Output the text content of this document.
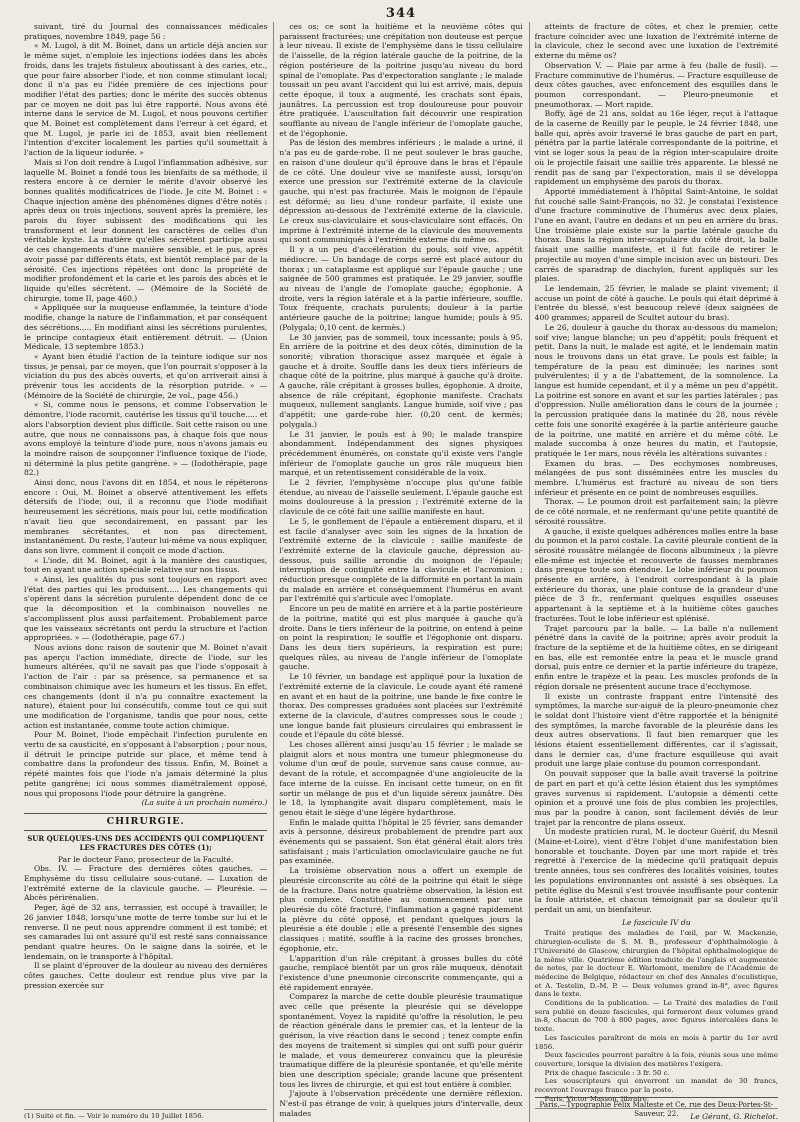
344

suivant, tiré du Journal des connaissances médicales pratiques, novembre 1849, page 56 :

« M. Lugol, à dit M. Boinet, dans un article déjà ancien sur le même sujet, n'emploie les injections iodées dans les abcès froids, dans les trajets fistuleux aboutissant à des caries, etc., que pour faire absorber l'iode, et non comme stimulant local; donc il n'a pas eu l'idée première de ces injections pour modifier l'état des parties; donc le mérite des succès obtenus par ce moyen ne doit pas lui être rapporté. Nous avons été interne dans le service de M. Lugol, et nous pouvons certifier que M. Boinet est complètement dans l'erreur à cet égard, et que M. Lugol, je parle ici de 1853, avait bien réellement l'intention d'exciter localement les parties qu'il soumettait à l'action de la liqueur iodurée. »

Mais si l'on doit rendre à Lugol l'inflammation adhésive, sur laquelle M. Boinet a fondé tous les bienfaits de sa méthode, il restera encore à ce dernier le mérite d'avoir observé les bonnes qualités modificatrices de l'iode. Je cite M. Boinet : « Chaque injection amène des phénomènes dignes d'être notés : après deux ou trois injections, souvent après la première, les parois du foyer subissent des modifications qui les transforment et leur donnent les caractères de celles d'un véritable kyste. La matière qu'elles sécrètent participe aussi de ces changements d'une manière sensible, et le pus, après avoir passé par différents états, est bientôt remplacé par de la sérosité. Ces injections répétées ont donc la propriété de modifier profondément et la carie et les parois des abcès et le liquide qu'elles sécrètent. — (Mémoire de la Société de chirurgie, tome II, page 460.)

« Appliquée sur la muqueuse enflammée, la teinture d'iode modifie, change la nature de l'inflammation, et par conséquent des sécrétions..... En modifiant ainsi les sécrétions purulentes, le principe contagieux était entièrement détruit. — (Union Médicale, 13 septembre 1853.)

« Ayant bien étudié l'action de la teinture iodique sur nos tissus, je pensai, par ce moyen, que l'on pourrait s'opposer à la viciation du pus des abcès ouverts, et qu'on arriverait ainsi à prévenir tous les accidents de la résorption putride. » — (Mémoire de la Société de chirurgie, 2e vol., page 456.)

« Si, comme nous le pensons, et comme l'observation le démontre, l'iode racornit, cautérise les tissus qu'il touche..... et alors l'absorption devient plus difficile. Soit cette raison ou une autre, que nous ne connaissons pas, à chaque fois que nous avons employé la teinture d'iode pure, nous n'avons jamais eu la moindre raison de soupçonner l'influence toxique de l'iode, ni déterminé la plus petite gangrène. » — (Iodothérapie, page 82.)

Ainsi donc, nous l'avons dit en 1854, et nous le répéterons encore : Oui, M. Boinet a observé attentivement les effets détersifs de l'iode; oui, il a reconnu que l'iode modifiait heureusement les sécrétions, mais pour lui, cette modification n'avait lieu que secondairement, en passant par les membranes sécrétantes, et non pas directement, instantanément. Du reste, l'auteur lui-même va nous expliquer, dans son livre, comment il conçoit ce mode d'action.

« L'iode, dit M. Boinet, agit à la manière des caustiques, tout en ayant une action spéciale relative sur nos tissus.

« Ainsi, les qualités du pus sont toujours en rapport avec l'état des parties qui les produisent..... Les changements qui s'opèrent dans la sécrétion purulente dépendent donc de ce que la décomposition et la combinaison nouvelles ne s'accomplissent plus aussi parfaitement. Probablement parce que les vaisseaux sécrétants ont perdu la structure et l'action appropriées. » — (Iodothérapie, page 67.)

Nous avions donc raison de soutenir que M. Boinet n'avait pas aperçu l'action immédiate, directe de l'iode, sur les humeurs altérées, qu'il ne savait pas que l'iode s'opposait à l'action de l'air : par sa présence, sa permanence et sa combinaison chimique avec les humeurs et les tissus. En effet, ces changements (dont il n'a pu connaître exactement la nature), étaient pour lui consécutifs, comme tout ce qui suit une modification de l'organisme, tandis que pour nous, cette action est instantanée, comme toute action chimique.

Pour M. Boinet, l'iode empêchait l'infection purulente en vertu de sa causticité, en s'opposant à l'absorption ; pour nous, il détruit le principe putride sur place, et même tend à combattre dans la profondeur des tissus. Enfin, M. Boinet a répété maintes fois que l'iode n'a jamais déterminé la plus petite gangrène; ici nous sommes diamétralement opposé, nous qui proposons l'iode pour détruire la gangrène.

(La suite à un prochain numéro.)

CHIRURGIE.
SUR QUELQUES-UNS DES ACCIDENTS QUI COMPLIQUENT LES FRACTURES DES CÔTES (1);

Par le docteur Fano, prosecteur de la Faculté.

Obs. IV. — Fracture des dernières côtes gauches. — Emphysème du tissu cellulaire sous-cutané. — Luxation de l'extrémité externe de la clavicule gauche. — Pleurésie. — Abcès périrénalien.

Peger, âgé de 32 ans, terrassier, est occupé à travailler, le 26 janvier 1848, lorsqu'une motte de terre tombe sur lui et le renverse. Il ne peut nous apprendre comment il est tombé; et ses camarades lui ont assuré qu'il est resté sans connaissance pendant quatre heures. On le saigne dans la soirée, et le lendemain, on le transporte à l'hôpital.

Il se plaint d'éprouver de la douleur au niveau des dernières côtes gauches. Cette douleur est rendue plus vive par la pression exercée sur

(1) Suite et fin. — Voir le numéro du 10 Juillet 1856.

ces os; ce sont la huitième et la neuvième côtes qui paraissent fracturées; une crépitation non douteuse est perçue à leur niveau. Il existe de l'emphysème dans le tissu cellulaire de l'aisselle, de la région latérale gauche de la poitrine, de la région postérieure de la poitrine jusqu'au niveau du bord spinal de l'omoplate. Pas d'expectoration sanglante ; le malade toussait un peu avant l'accident qui lui est arrivé, mais, depuis cette époque, il toux a augmenté, les crachats sont épais, jaunâtres. La percussion est trop douloureuse pour pouvoir être pratiquée. L'auscultation fait découvrir une respiration soufflante au niveau de l'angle inférieur de l'omoplate gauche, et de l'égophonie.

Pas de lésion des membres inférieurs ; le malade a uriné, il n'a pas eu de garde-robe. Il ne peut soulever le bras gauche, en raison d'une douleur qu'il éprouve dans le bras et l'épaule de ce côté. Une douleur vive se manifeste aussi, lorsqu'on exerce une pression sur l'extrémité externe de la clavicule gauche, qui n'est pas fracturée. Mais le moignon de l'épaule est déformé; au lieu d'une rondeur parfaite, il existe une dépression au-dessous de l'extrémité externe de la clavicule. Le creux sus-claviculaire et sous-claviculaire sont effacés. On imprime à l'extrémité interne de la clavicule des mouvements qui sont communiqués à l'extrémité externe du même os.

Il y a un peu d'accélération du pouls, soif vive, appétit médiocre. — Un bandage de corps serré est placé autour du thorax ; un cataplasme est appliqué sur l'épaule gauche ; une saignée de 500 grammes est pratiquée. Le 29 janvier, souffle au niveau de l'angle de l'omoplate gauche; égophonie. A droite, vers la région latérale et à la partie inférieure, souffle. Toux fréquente, crachats purulents; douleur à la partie antérieure gauche de la poitrine; langue humide; pouls à 95. (Polygala; 0,10 cent. de kermès.)

Le 30 janvier, pas de sommeil, toux incessante; pouls à 95. En arrière de la poitrine et des deux côtés, diminution de la sonorité; vibration thoracique assez marquée et égale à gauche et à droite. Souffle dans les deux tiers inférieurs de chaque côté de la poitrine, plus marqué à gauche qu'à droite. A gauche, râle crépitant à grosses bulles, égophonie. A droite, absence de râle crépitant, égophonie manifeste. Crachats muqueux, nullement sanglants. Langue humide, soif vive ; pas d'appétit; une garde-robe hier. (0,20 cent. de kermès; polygala.)

Le 31 janvier, le pouls est à 90; le malade transpire abondamment. Indépendamment des signes physiques précédemment énumérés, on constate qu'il existe vers l'angle inférieur de l'omoplate gauche un gros râle muqueux bien marqué, et un retentissement considérable de la voix.

Le 2 février, l'emphysème n'occupe plus qu'une faible étendue, au niveau de l'aisselle seulement. L'épaule gauche est moins douloureuse à la pression ; l'extrémité externe de la clavicule de ce côté fait une saillie manifeste en haut.

Le 5, le gonflement de l'épaule a entièrement disparu, et il est facile d'analyser avec soin les signes de la luxation de l'extrémité externe de la clavicule : saillie manifeste de l'extrémité externe de la clavicule gauche, dépression au-dessous, puis saillie arrondie du moignon de l'épaule; interruption de contiguïté entre la clavicule et l'acromion ; réduction presque complète de la difformité en portant la main du malade en arrière et conséquemment l'humérus en avant par l'extrémité qui s'articule avec l'omoplate.

Encore un peu de matité en arrière et à la partie postérieure de la poitrine, matité qui est plus marquée à gauche qu'à droite. Dans le tiers inférieur de la poitrine, on entend à peine on point la respiration; le souffle et l'égophonie ont disparu. Dans les deux tiers supérieurs, la respiration est pure; quelques râles, au niveau de l'angle inférieur de l'omoplate gauche.

Le 10 février, un bandage est appliqué pour la luxation de l'extrémité externe de la clavicule. Le coude ayant été ramené en avant et en haut de la poitrine, une bande le fixe contre le thorax. Des compresses graduées sont placées sur l'extrémité externe de la clavicule, d'autres compresses sous le coude ; une longue bande fait plusieurs circulaires qui embrassent le coude et l'épaule du côté blessé.

Les choses allèrent ainsi jusqu'au 15 février ; le malade se plaignit alors et nous montra une tumeur phlegmoneuse du volume d'un œuf de poule, survenue sans cause connue, au-devant de la rotule, et accompagnée d'une angioleucite de la face interne de la cuisse. En incisant cette tumeur, on en fit sortir un mélange de pus et d'un liquide séreux jaunâtre. Dès le 18, la lymphangite avait disparu complètement, mais le genou était le siège d'une légère hydarthrose.

Enfin le malade quitta l'hôpital le 25 février, sans demander avis à personne, désireux probablement de prendre part aux événements qui se passaient. Son état général était alors très satisfaisant ; mais l'articulation omoclaviculaire gauche ne fut pas examinée.

La troisième observation nous a offert un exemple de pleurésie circonscrite au côté de la poitrine qui était le siège de la fracture. Dans notre quatrième observation, la lésion est plus complexe. Constituée au commencement par une pleurésie du côté fracturé, l'inflammation a gagné rapidement la plèvre du côté opposé, et pendant quelques jours la pleurésie a été double ; elle a présenté l'ensemble des signes classiques : matité, souffle à la racine des grosses bronches, égophonie, etc.

L'apparition d'un râle crépitant à grosses bulles du côté gauche, remplacé bientôt par un gros râle muqueux, dénotait l'existence d'une pneumonie circonscrite commençante, qui a été rapidement enrayée.

Comparez la marche de cette double pleurésie traumatique avec celle que présente la pleurésie qui se développe spontanément. Voyez la rapidité qu'offre la résolution, le peu de réaction générale dans le premier cas, et la lenteur de la guérison, la vive réaction dans le second ; tenez compte enfin des moyens de traitement si simples qui ont suffi pour guérir le malade, et vous demeurerez convaincu que la pleurésie traumatique diffère de la pleurésie spontanée, et qu'elle mérite bien une description spéciale; grande lacune que présentent tous les livres de chirurgie, et qui est tout entière à combler.

J'ajoute à l'observation précédente une dernière réflexion. N'est-il pas étrange de voir, à quelques jours d'intervalle, deux malades

atteints de fracture de côtes, et chez le premier, cette fracture coïncider avec une luxation de l'extrémité interne de la clavicule, chez le second avec une luxation de l'extrémité externe du même os?

Observation V. — Plaie par arme à feu (balle de fusil). — Fracture comminutive de l'humérus. — Fracture esquilleuse de deux côtes gauches, avec enfoncement des esquilles dans le poumon correspondant. — Pleuro-pneumonie et pneumothorax. — Mort rapide.

Boffy, âgé de 21 ans, soldat au 16e léger, reçut à l'attaque de la caserne de Reuilly par le peuple, le 24 février 1848, une balle qui, après avoir traversé le bras gauche de part en part, pénétra par la partie latérale correspondante de la poitrine, et vint se loger sous la peau de la région inter-scapulaire droite où le projectile faisait une saillie très apparente. Le blessé ne rendit pas de sang par l'expectoration, mais il se développa rapidement un emphysème des parois du thorax.

Apporté immédiatement à l'hôpital Saint-Antoine, le soldat fut couché salle Saint-François, no 32. Je constatai l'existence d'une fracture comminutive de l'humérus avec deux plaies, l'une en avant, l'autre en dedans et un peu en arrière du bras. Une troisième plaie existe sur la partie latérale gauche du thorax. Dans la région inter-scapulaire du côté droit, la balle faisait une saillie manifeste, et il fut facile de retirer le projectile au moyen d'une simple incision avec un bistouri. Des carrés de sparadrap de diachylon, furent appliqués sur les plaies.

Le lendemain, 25 février, le malade se plaint vivement; il accuse un point de côté à gauche. Le pouls qui était déprimé à l'entrée du blessé, s'est beaucoup relevé (deux saignées de 400 grammes; appareil de Scultet autour du bras).

Le 26, douleur à gauche du thorax au-dessous du mamelon; soif vive; langue blanche; un peu d'appétit; pouls fréquent et petit. Dans la nuit, le malade est agité, et le lendemain matin nous le trouvons dans un état grave. Le pouls est faible; la température de la peau est diminuée; les narines sont pulvérulentes; il y a de l'abattement, de la somnolence. La langue est humide cependant, et il y a même un peu d'appétit. La poitrine est sonore en avant et sur les parties latérales ; pas d'oppression. Nulle amélioration dans le cours de la journée ; la percussion pratiquée dans la matinée du 28, nous révèle cette fois une sonorité exagérée à la partie antérieure gauche de la poitrine, une matité en arrière et du même côté. Le malade succomba à onze heures du matin, et l'autopsie, pratiquée le 1er mars, nous révéla les altérations suivantes :

Examen du bras. — Des ecchymoses nombreuses, mélangées de pus sont disséminées entre les muscles du membre. L'humérus est fracturé au niveau de son tiers inférieur et présente en ce point de nombreuses esquilles.

Thorax. — Le poumon droit est parfaitement sain; la plèvre de ce côté normale, et ne renfermant qu'une petite quantité de sérosité roussâtre.

A gauche, il existe quelques adhérences molles entre la base du poumon et la paroi costale. La cavité pleurale contient de la sérosité roussâtre mélangée de flocons albumineux ; la plèvre elle-même est injectée et recouverte de fausses membranes dans presque toute son étendue. Le lobe inférieur du poumon présente en arrière, à l'endroit correspondant à la plaie extérieure du thorax, une plaie contuse de la grandeur d'une pièce de 3 fr., renfermant quelques esquilles osseuses appartenant à la septième et à la huitième côtes gauches fracturées. Tout le lobe inférieur est splénisé.

Trajet parcouru par la balle. — La balle n'a nullement pénétré dans la cavité de la poitrine; après avoir produit la fracture de la septième et de la huitième côtes, en se dirigeant en bas, elle est remontée entre la peau et le muscle grand dorsal, puis entre ce dernier et la partie inférieure du trapèze, enfin entre le trapèze et la peau. Les muscles profonds de la région dorsale ne présentent aucune trace d'ecchymose.

Il existe un contraste frappant entre l'intensité des symptômes, la marche sur-aiguë de la pleuro-pneumonie chez le soldat dont l'histoire vient d'être rapportée et la bénignité des symptômes, la marche favorable de la pleurésie dans les deux autres observations. Il faut bien remarquer que les lésions étaient essentiellement différentes, car il s'agissait, dans le dernier cas, d'une fracture esquilleuse qui avait produit une large plaie contuse du poumon correspondant.

On pouvait supposer que la balle avait traversé la poitrine de part en part et qu'à cette lésion étaient dus les symptômes graves survenus si rapidement. L'autopsie a démenti cette opinion et a prouvé une fois de plus combien les projectiles, mus par la poudre à canon, sont facilement déviés de leur trajet par la rencontre de plans osseux.

Un modeste praticien rural, M. le docteur Guérif, du Mesnil (Maine-et-Loire), vient d'être l'objet d'une manifestation bien honorable et touchante. Doyen par une mort rapide et très regretté à l'exercice de la médecine qu'il pratiquait depuis trente années, tous ses confrères des localités voisines, toutes les populations environnantes ont assisté à ses obsèques. La petite église du Mesnil s'est trouvée insuffisante pour contenir la foule attristée, et chacun témoignait par sa douleur qu'il perdait un ami, un bienfaiteur.

Le fascicule IV du

Traité pratique des maladies de l'œil, par W. Mackenzie, chirurgien-oculiste de S. M. B., professeur d'ophthalmologie à l'Université de Glascow, chirurgien de l'hôpital ophthalmologique de la même ville. Quatrième édition traduite de l'anglais et augmentée de notes, par le docteur E. Warlomont, membre de l'Académie de médecine de Belgique, rédacteur en chef des Annales d'oculistique, et A. Testelin, D.-M. P. — Deux volumes grand in-8°, avec figures dans le texte.

Conditions de la publication. — Le Traité des maladies de l'œil sera publié en douze fascicules, qui formeront deux volumes grand in-8, chacun de 700 à 800 pages, avec figures intercalées dans le texte.

Les fascicules paraîtront de mois en mois à partir du 1er avril 1856.

Deux fascicules pourront paraître à la fois, réunis sous une même couverture, lorsque la division des matières l'exigera.

Prix de chaque fascicule : 3 fr. 50 c.

Les souscripteurs qui enverront un mandat de 30 francs, recevront l'ouvrage franco par la poste.

Paris, Victor Masson, libraire.

Le Gérant, G. Richelot.
Paris.—Typographie Félix Malteste et Ce, rue des Deux-Portes-St-Sauveur, 22.
